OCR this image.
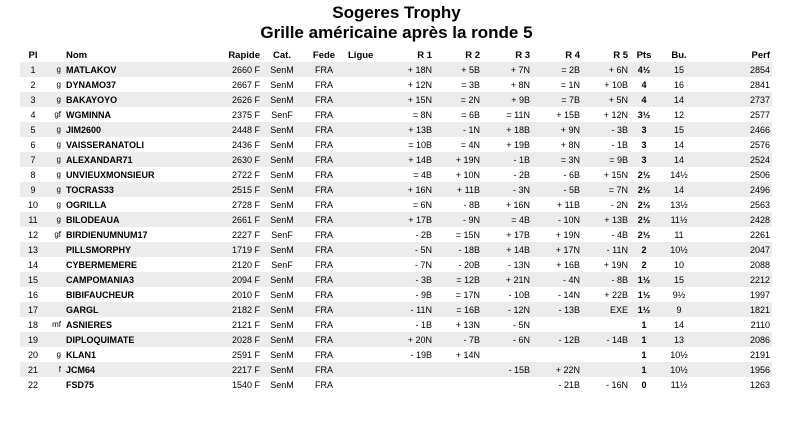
Sogeres Trophy
Grille américaine après la ronde 5
Pl		Nom	Rapide	Cat.	Fede	Ligue	R 1	R 2	R 3	R 4	R 5	Pts	Bu.	Perf
1	g	MATLAKOV	2660 F	SenM	FRA		+ 18N	+ 5B	+ 7N	= 2B	+ 6N	4½	15	2854
2	g	DYNAMO37	2667 F	SenM	FRA		+ 12N	= 3B	+ 8N	= 1N	+ 10B	4	16	2841
3	g	BAKAYOYO	2626 F	SenM	FRA		+ 15N	= 2N	+ 9B	= 7B	+ 5N	4	14	2737
4	gf	WGMINNA	2375 F	SenF	FRA		= 8N	= 6B	= 11N	+ 15B	+ 12N	3½	12	2577
5	g	JIM2600	2448 F	SenM	FRA		+ 13B	- 1N	+ 18B	+ 9N	- 3B	3	15	2466
6	g	VAISSERANATOLI	2436 F	SenM	FRA		= 10B	= 4N	+ 19B	+ 8N	- 1B	3	14	2576
7	g	ALEXANDAR71	2630 F	SenM	FRA		+ 14B	+ 19N	- 1B	= 3N	= 9B	3	14	2524
8	g	UNVIEUXMONSIEUR	2722 F	SenM	FRA		= 4B	+ 10N	- 2B	- 6B	+ 15N	2½	14½	2506
9	g	TOCRAS33	2515 F	SenM	FRA		+ 16N	+ 11B	- 3N	- 5B	= 7N	2½	14	2496
10	g	OGRILLA	2728 F	SenM	FRA		= 6N	- 8B	+ 16N	+ 11B	- 2N	2½	13½	2563
11	g	BILODEAUA	2661 F	SenM	FRA		+ 17B	- 9N	= 4B	- 10N	+ 13B	2½	11½	2428
12	gf	BIRDIENUMNUM17	2227 F	SenF	FRA		- 2B	= 15N	+ 17B	+ 19N	- 4B	2½	11	2261
13		PILLSMORPHY	1719 F	SenM	FRA		- 5N	- 18B	+ 14B	+ 17N	- 11N	2	10½	2047
14		CYBERMEMERE	2120 F	SenF	FRA		- 7N	- 20B	- 13N	+ 16B	+ 19N	2	10	2088
15		CAMPOMANIA3	2094 F	SenM	FRA		- 3B	= 12B	+ 21N	- 4N	- 8B	1½	15	2212
16		BIBIFAUCHEUR	2010 F	SenM	FRA		- 9B	= 17N	- 10B	- 14N	+ 22B	1½	9½	1997
17		GARGL	2182 F	SenM	FRA		- 11N	= 16B	- 12N	- 13B	EXE	1½	9	1821
18	mf	ASNIERES	2121 F	SenM	FRA		- 1B	+ 13N	- 5N			1	14	2110
19		DIPLOQUIMATE	2028 F	SenM	FRA		+ 20N	- 7B	- 6N	- 12B	- 14B	1	13	2086
20	g	KLAN1	2591 F	SenM	FRA		- 19B	+ 14N				1	10½	2191
21	f	JCM64	2217 F	SenM	FRA				- 15B	+ 22N		1	10½	1956
22		FSD75	1540 F	SenM	FRA					- 21B	- 16N	0	11½	1263
